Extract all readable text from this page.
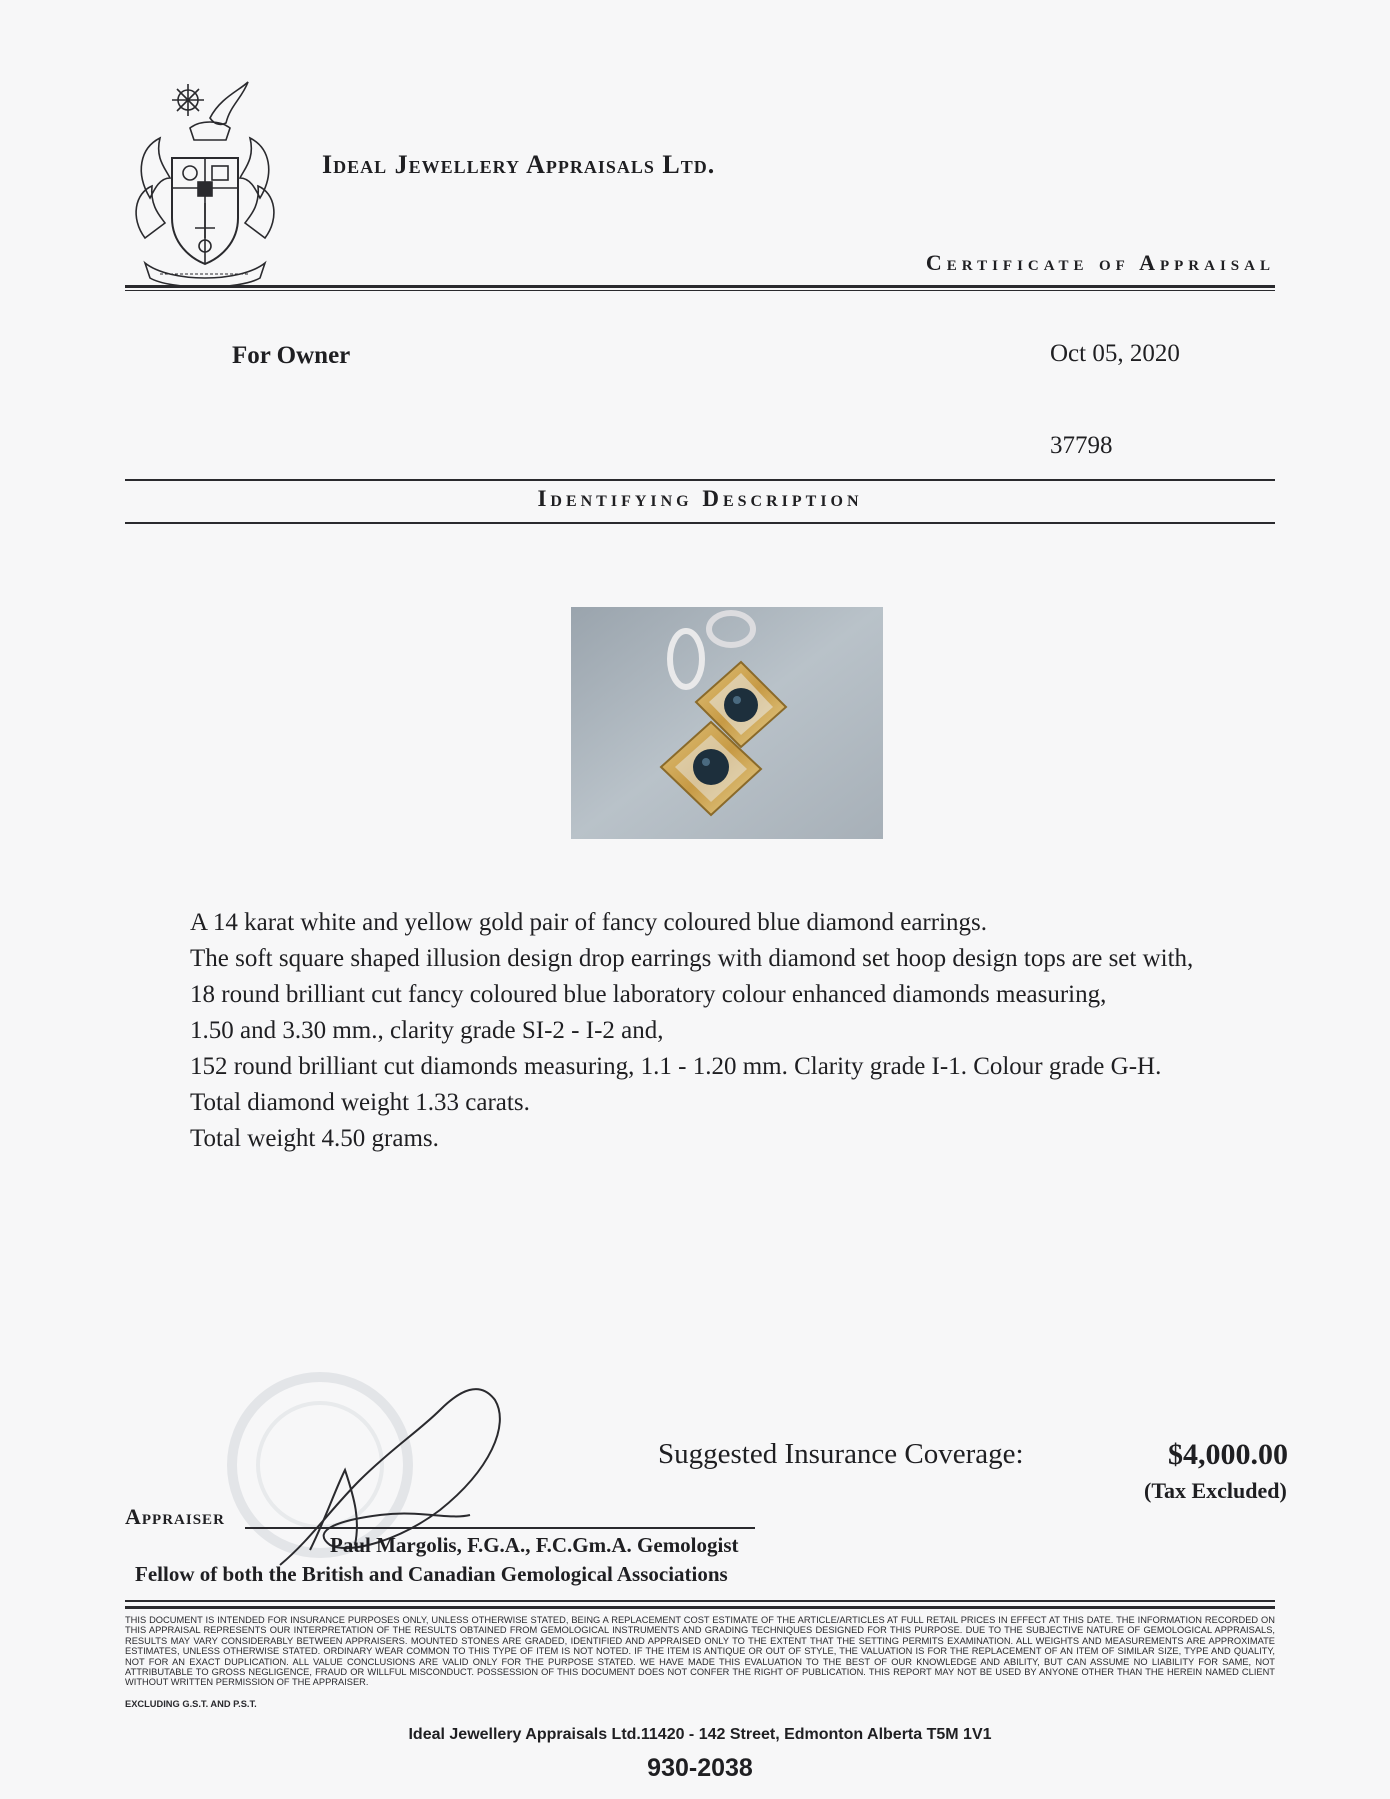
Ideal Jewellery Appraisals Ltd.
Certificate of Appraisal
For Owner	Oct 05, 2020
37798
Identifying Description
A 14 karat white and yellow gold pair of fancy coloured blue diamond earrings.
The soft square shaped illusion design drop earrings with diamond set hoop design tops are set with,
18 round brilliant cut fancy coloured blue laboratory colour enhanced diamonds measuring,
1.50 and 3.30 mm., clarity grade SI-2 - I-2 and,
152 round brilliant cut diamonds measuring, 1.1 - 1.20 mm. Clarity grade I-1. Colour grade G-H.
Total diamond weight 1.33 carats.
Total weight 4.50 grams.
Suggested Insurance Coverage:	$4,000.00
(Tax Excluded)
Appraiser
Paul Margolis, F.G.A., F.C.Gm.A. Gemologist
Fellow of both the British and Canadian Gemological Associations
THIS DOCUMENT IS INTENDED FOR INSURANCE PURPOSES ONLY, UNLESS OTHERWISE STATED, BEING A REPLACEMENT COST ESTIMATE OF THE ARTICLE/ARTICLES AT FULL RETAIL PRICES IN EFFECT AT THIS DATE. THE INFORMATION RECORDED ON THIS APPRAISAL REPRESENTS OUR INTERPRETATION OF THE RESULTS OBTAINED FROM GEMOLOGICAL INSTRUMENTS AND GRADING TECHNIQUES DESIGNED FOR THIS PURPOSE. DUE TO THE SUBJECTIVE NATURE OF GEMOLOGICAL APPRAISALS, RESULTS MAY VARY CONSIDERABLY BETWEEN APPRAISERS. MOUNTED STONES ARE GRADED, IDENTIFIED AND APPRAISED ONLY TO THE EXTENT THAT THE SETTING PERMITS EXAMINATION. ALL WEIGHTS AND MEASUREMENTS ARE APPROXIMATE ESTIMATES, UNLESS OTHERWISE STATED. ORDINARY WEAR COMMON TO THIS TYPE OF ITEM IS NOT NOTED. IF THE ITEM IS ANTIQUE OR OUT OF STYLE, THE VALUATION IS FOR THE REPLACEMENT OF AN ITEM OF SIMILAR SIZE, TYPE AND QUALITY, NOT FOR AN EXACT DUPLICATION. ALL VALUE CONCLUSIONS ARE VALID ONLY FOR THE PURPOSE STATED. WE HAVE MADE THIS EVALUATION TO THE BEST OF OUR KNOWLEDGE AND ABILITY, BUT CAN ASSUME NO LIABILITY FOR SAME, NOT ATTRIBUTABLE TO GROSS NEGLIGENCE, FRAUD OR WILLFUL MISCONDUCT. POSSESSION OF THIS DOCUMENT DOES NOT CONFER THE RIGHT OF PUBLICATION. THIS REPORT MAY NOT BE USED BY ANYONE OTHER THAN THE HEREIN NAMED CLIENT WITHOUT WRITTEN PERMISSION OF THE APPRAISER.
EXCLUDING G.S.T. AND P.S.T.
Ideal Jewellery Appraisals Ltd.11420 - 142 Street, Edmonton Alberta T5M 1V1
930-2038
